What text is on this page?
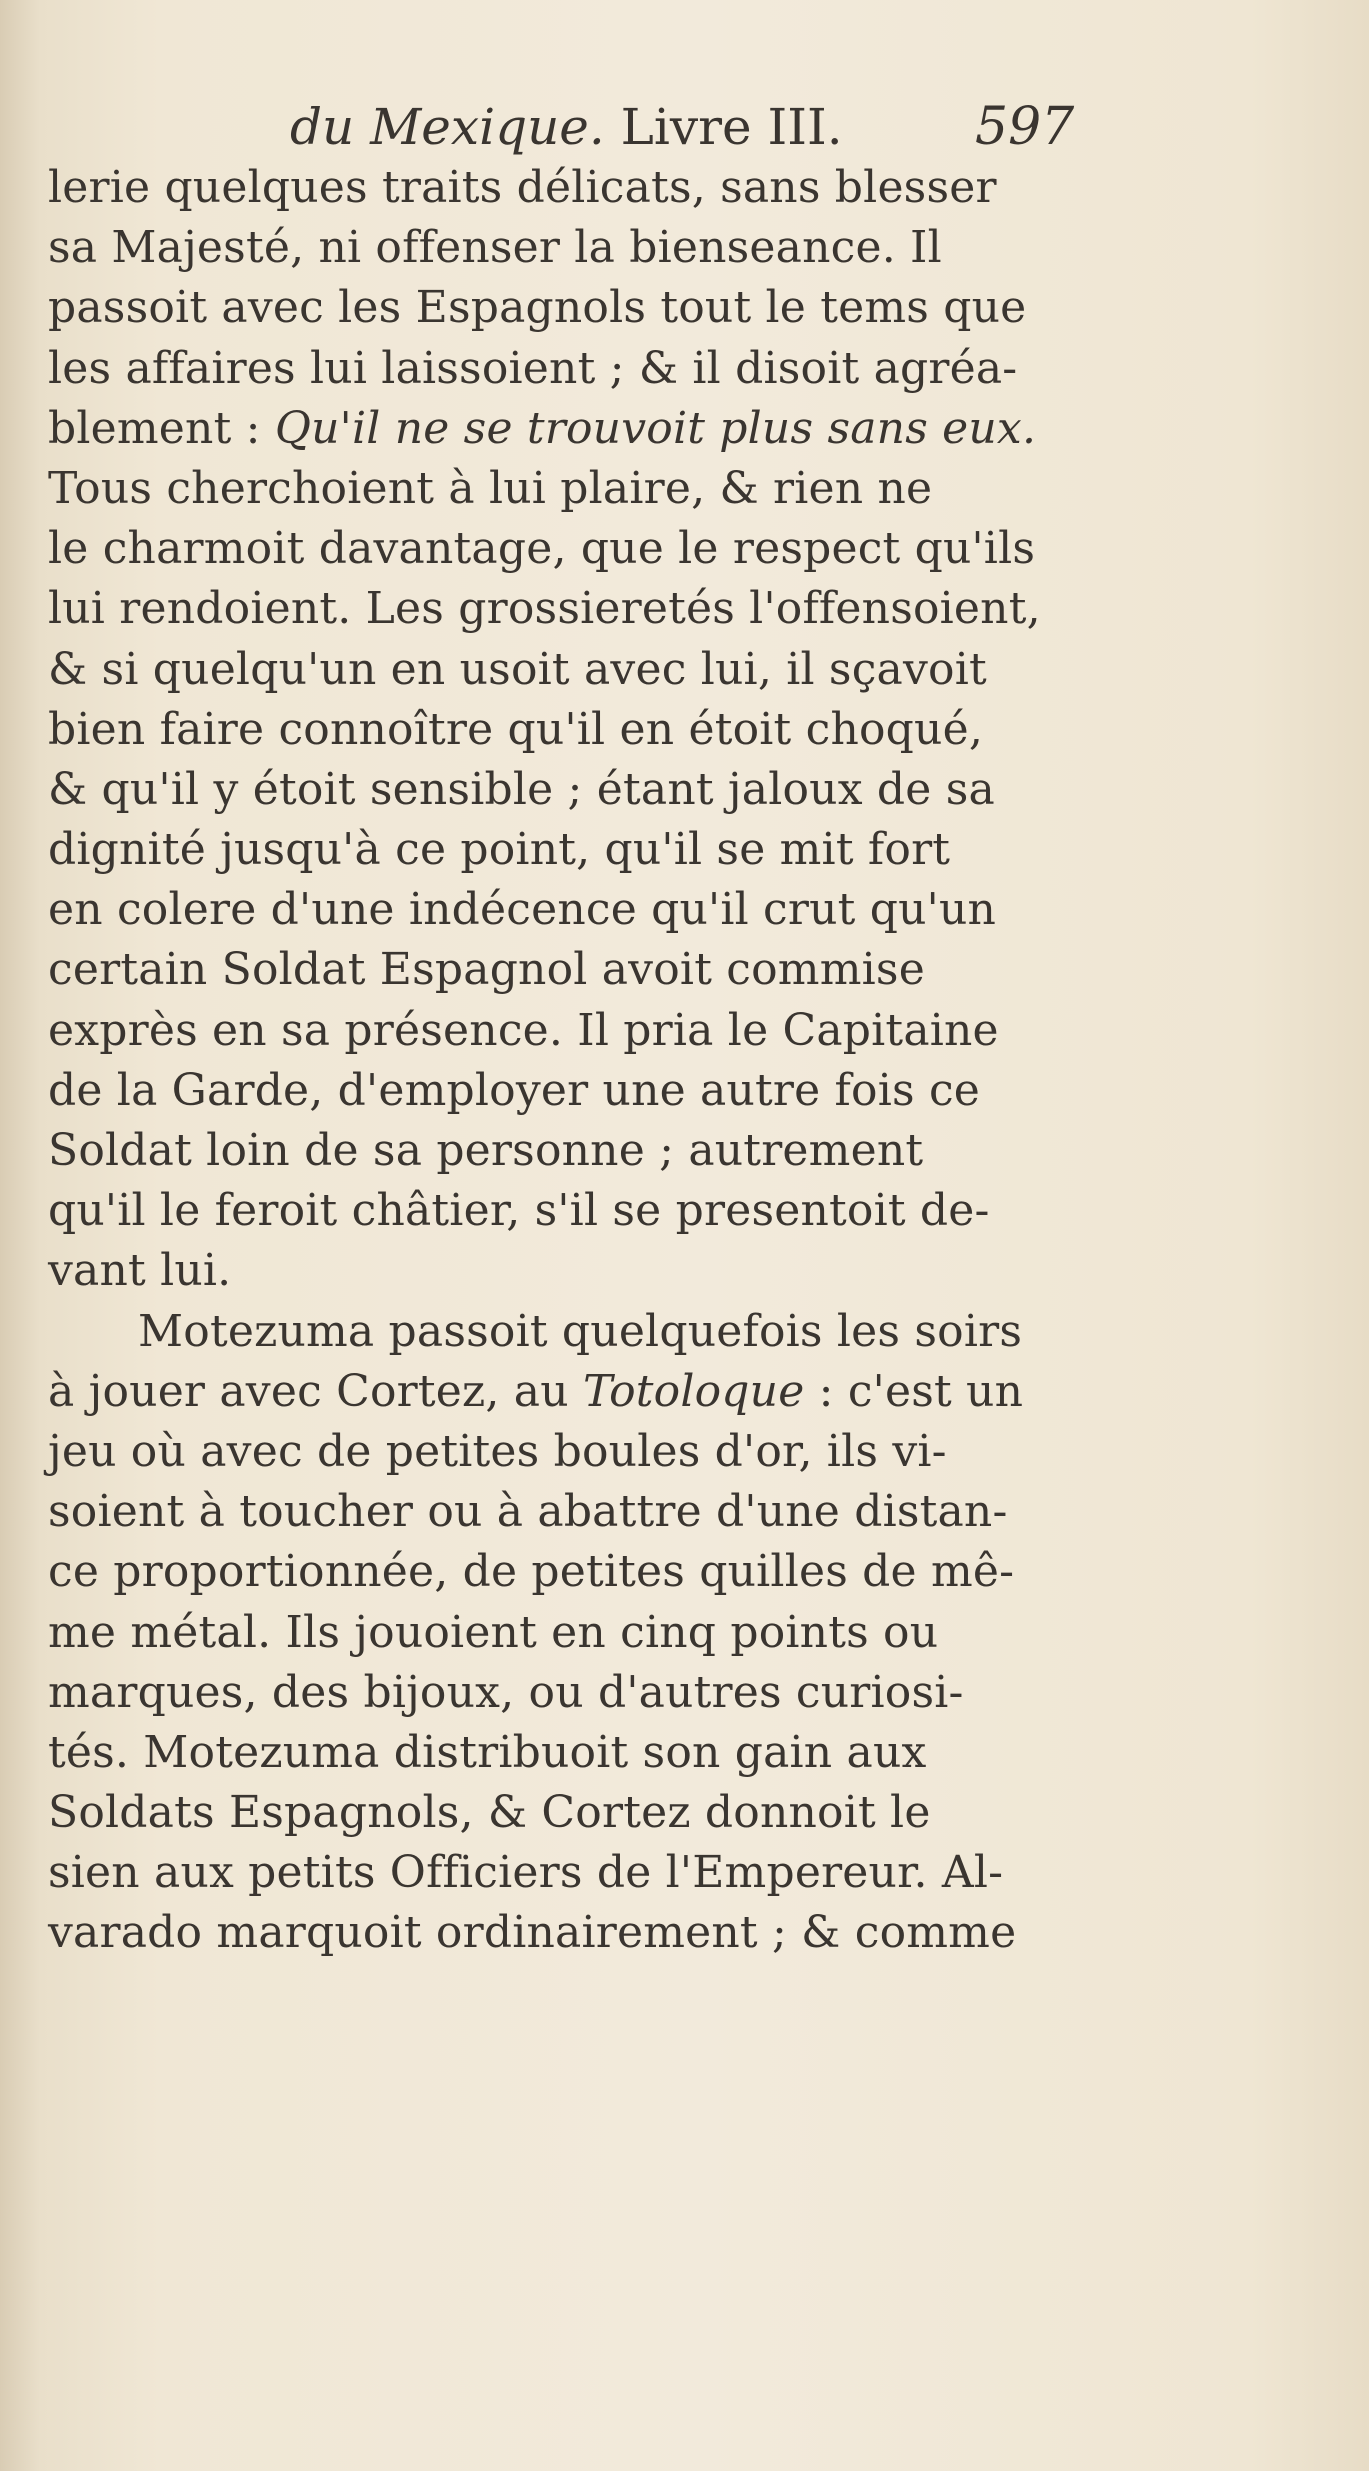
du Mexique. Livre III.	597
lerie quelques traits délicats, sans blesser
sa Majesté, ni offenser la bienseance. Il
passoit avec les Espagnols tout le tems que
les affaires lui laissoient ; & il disoit agréa-
blement : Qu'il ne se trouvoit plus sans eux.
Tous cherchoient à lui plaire, & rien ne
le charmoit davantage, que le respect qu'ils
lui rendoient. Les grossieretés l'offensoient,
& si quelqu'un en usoit avec lui, il sçavoit
bien faire connoître qu'il en étoit choqué,
& qu'il y étoit sensible ; étant jaloux de sa
dignité jusqu'à ce point, qu'il se mit fort
en colere d'une indécence qu'il crut qu'un
certain Soldat Espagnol avoit commise
exprès en sa présence. Il pria le Capitaine
de la Garde, d'employer une autre fois ce
Soldat loin de sa personne ; autrement
qu'il le feroit châtier, s'il se presentoit de-
vant lui.
Motezuma passoit quelquefois les soirs
à jouer avec Cortez, au Totoloque : c'est un
jeu où avec de petites boules d'or, ils vi-
soient à toucher ou à abattre d'une distan-
ce proportionnée, de petites quilles de mê-
me métal. Ils jouoient en cinq points ou
marques, des bijoux, ou d'autres curiosi-
tés. Motezuma distribuoit son gain aux
Soldats Espagnols, & Cortez donnoit le
sien aux petits Officiers de l'Empereur. Al-
varado marquoit ordinairement ; & comme
